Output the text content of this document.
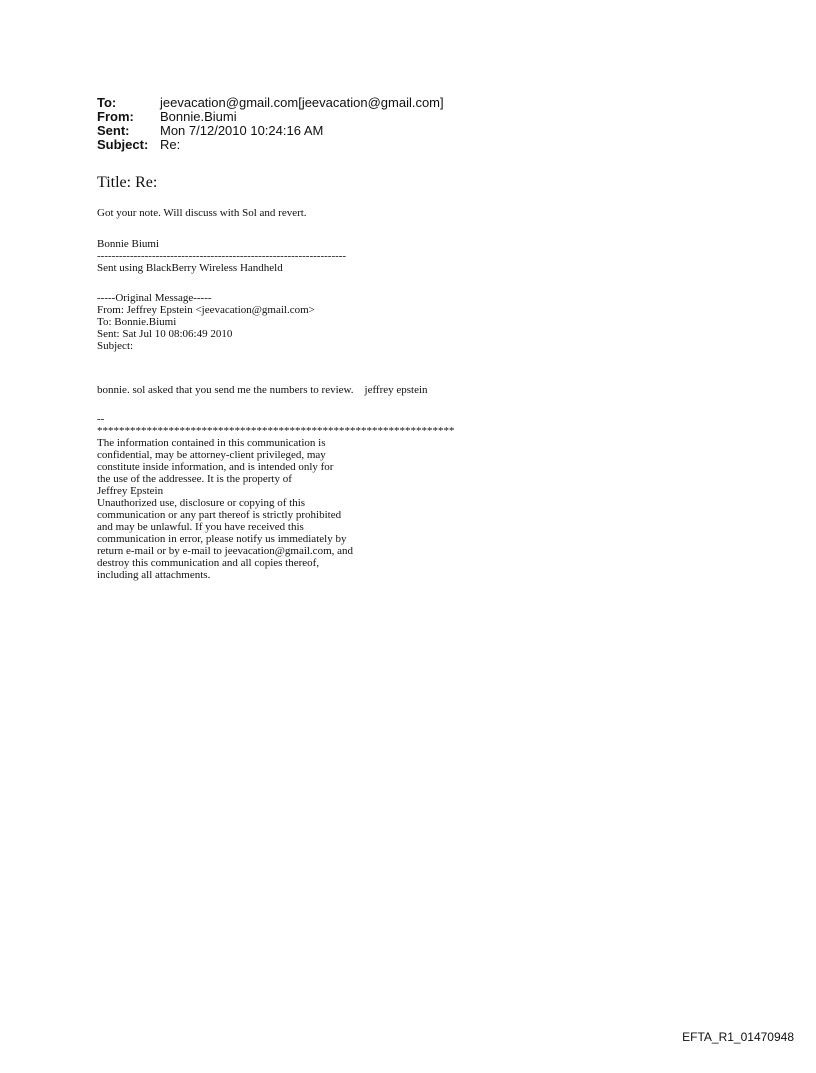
To:	jeevacation@gmail.com[jeevacation@gmail.com]
From:	Bonnie.Biumi
Sent:	Mon 7/12/2010 10:24:16 AM
Subject: Re:
Title: Re:
Got your note. Will discuss with Sol and revert.
Bonnie Biumi
--------------------------------------------------------------------
Sent using BlackBerry Wireless Handheld
-----Original Message-----
From: Jeffrey Epstein <jeevacation@gmail.com>
To: Bonnie.Biumi
Sent: Sat Jul 10 08:06:49 2010
Subject:
bonnie. sol asked that you send me the numbers to review.    jeffrey epstein
--
*****************************************************************
The information contained in this communication is
confidential, may be attorney-client privileged, may
constitute inside information, and is intended only for
the use of the addressee. It is the property of
Jeffrey Epstein
Unauthorized use, disclosure or copying of this
communication or any part thereof is strictly prohibited
and may be unlawful. If you have received this
communication in error, please notify us immediately by
return e-mail or by e-mail to jeevacation@gmail.com, and
destroy this communication and all copies thereof,
including all attachments.
EFTA_R1_01470948
